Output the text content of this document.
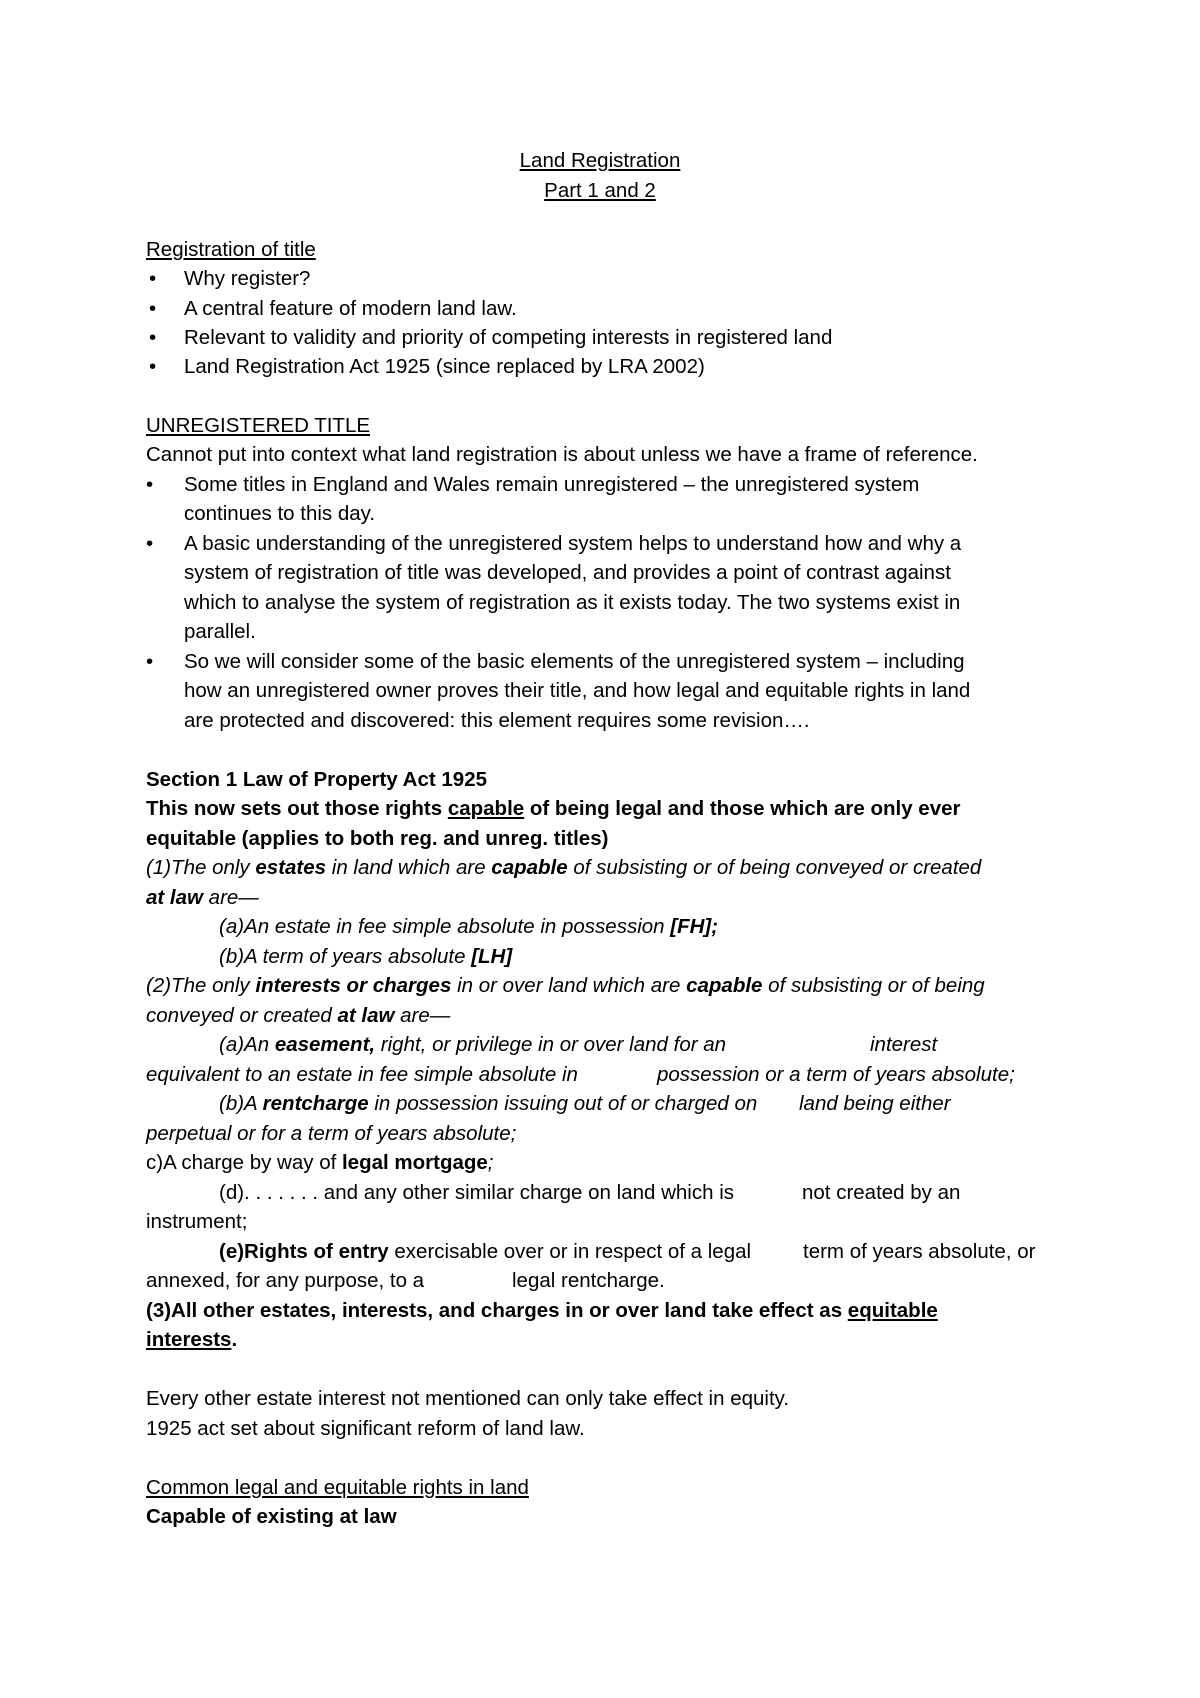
Land Registration
Part 1 and 2
Registration of title
• Why register?
• A central feature of modern land law.
• Relevant to validity and priority of competing interests in registered land
• Land Registration Act 1925 (since replaced by LRA 2002)
UNREGISTERED TITLE
Cannot put into context what land registration is about unless we have a frame of reference.
• Some titles in England and Wales remain unregistered – the unregistered system
continues to this day.
• A basic understanding of the unregistered system helps to understand how and why a
system of registration of title was developed, and provides a point of contrast against
which to analyse the system of registration as it exists today. The two systems exist in
parallel.
• So we will consider some of the basic elements of the unregistered system – including
how an unregistered owner proves their title, and how legal and equitable rights in land
are protected and discovered: this element requires some revision….
Section 1 Law of Property Act 1925
This now sets out those rights capable of being legal and those which are only ever
equitable (applies to both reg. and unreg. titles)
(1)The only estates in land which are capable of subsisting or of being conveyed or created
at law are—
(a)An estate in fee simple absolute in possession [FH];
(b)A term of years absolute [LH]
(2)The only interests or charges in or over land which are capable of subsisting or of being
conveyed or created at law are—
(a)An easement, right, or privilege in or over land for an	interest
equivalent to an estate in fee simple absolute in	possession or a term of years absolute;
(b)A rentcharge in possession issuing out of or charged on land being either
perpetual or for a term of years absolute;
c)A charge by way of legal mortgage;
(d). . . . . . . and any other similar charge on land which is	not created by an
instrument;
(e)Rights of entry exercisable over or in respect of a legal	term of years absolute, or
annexed, for any purpose, to a	legal rentcharge.
(3)All other estates, interests, and charges in or over land take effect as equitable
interests.
Every other estate interest not mentioned can only take effect in equity.
1925 act set about significant reform of land law.
Common legal and equitable rights in land
Capable of existing at law
